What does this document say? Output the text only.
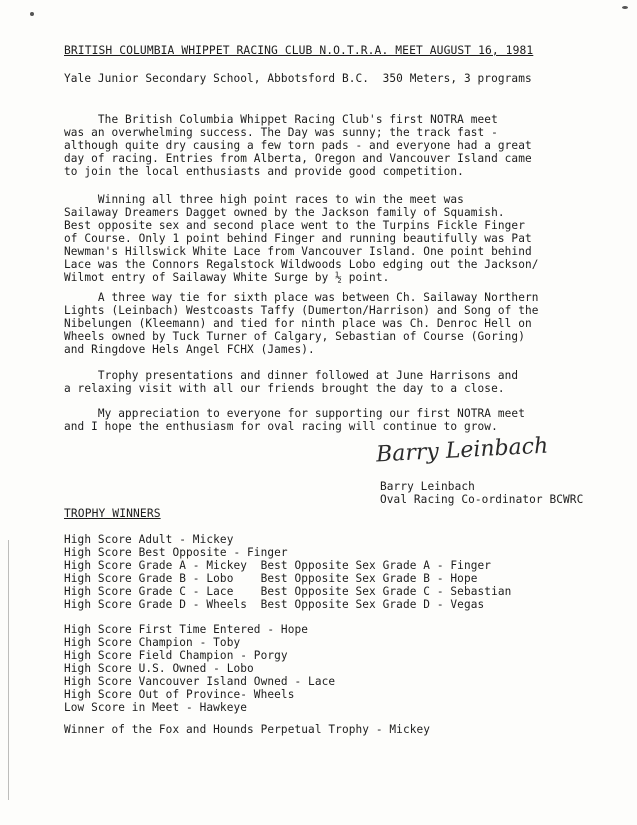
BRITISH COLUMBIA WHIPPET RACING CLUB N.O.T.R.A. MEET AUGUST 16, 1981
Yale Junior Secondary School, Abbotsford B.C.  350 Meters, 3 programs
The British Columbia Whippet Racing Club's first NOTRA meet
was an overwhelming success. The Day was sunny; the track fast -
although quite dry causing a few torn pads - and everyone had a great
day of racing. Entries from Alberta, Oregon and Vancouver Island came
to join the local enthusiasts and provide good competition.
Winning all three high point races to win the meet was
Sailaway Dreamers Dagget owned by the Jackson family of Squamish.
Best opposite sex and second place went to the Turpins Fickle Finger
of Course. Only 1 point behind Finger and running beautifully was Pat
Newman's Hillswick White Lace from Vancouver Island. One point behind
Lace was the Connors Regalstock Wildwoods Lobo edging out the Jackson/
Wilmot entry of Sailaway White Surge by ½ point.
A three way tie for sixth place was between Ch. Sailaway Northern
Lights (Leinbach) Westcoasts Taffy (Dumerton/Harrison) and Song of the
Nibelungen (Kleemann) and tied for ninth place was Ch. Denroc Hell on
Wheels owned by Tuck Turner of Calgary, Sebastian of Course (Goring)
and Ringdove Hels Angel FCHX (James).
Trophy presentations and dinner followed at June Harrisons and
a relaxing visit with all our friends brought the day to a close.
My appreciation to everyone for supporting our first NOTRA meet
and I hope the enthusiasm for oval racing will continue to grow.
Barry Leinbach
Barry Leinbach
Oval Racing Co-ordinator BCWRC
TROPHY WINNERS
High Score Adult - Mickey
High Score Best Opposite - Finger
High Score Grade A - Mickey  Best Opposite Sex Grade A - Finger
High Score Grade B - Lobo    Best Opposite Sex Grade B - Hope
High Score Grade C - Lace    Best Opposite Sex Grade C - Sebastian
High Score Grade D - Wheels  Best Opposite Sex Grade D - Vegas
High Score First Time Entered - Hope
High Score Champion - Toby
High Score Field Champion - Porgy
High Score U.S. Owned - Lobo
High Score Vancouver Island Owned - Lace
High Score Out of Province- Wheels
Low Score in Meet - Hawkeye
Winner of the Fox and Hounds Perpetual Trophy - Mickey
